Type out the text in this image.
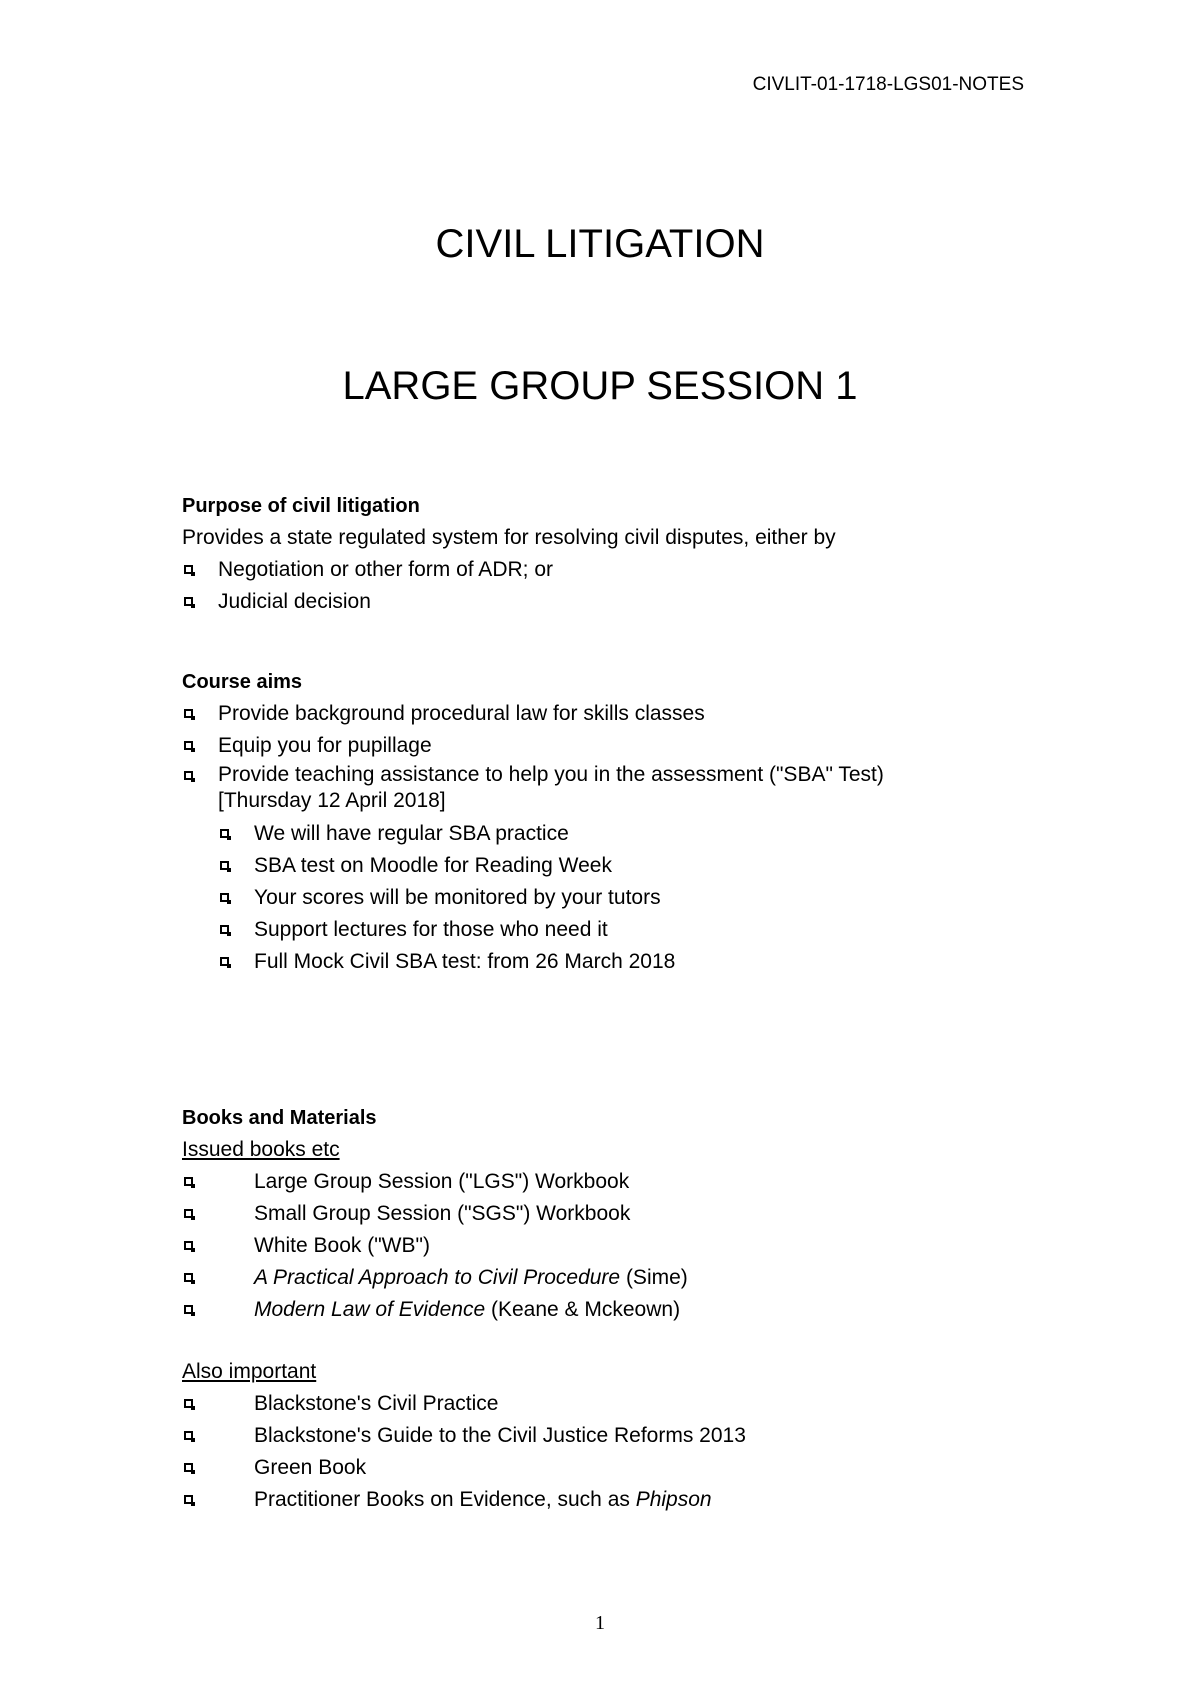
CIVLIT-01-1718-LGS01-NOTES
CIVIL LITIGATION
LARGE GROUP SESSION 1
Purpose of civil litigation
Provides a state regulated system for resolving civil disputes, either by
Negotiation or other form of ADR; or
Judicial decision
Course aims
Provide background procedural law for skills classes
Equip you for pupillage
Provide teaching assistance to help you in the assessment ("SBA" Test)
[Thursday 12 April 2018]
We will have regular SBA practice
SBA test on Moodle for Reading Week
Your scores will be monitored by your tutors
Support lectures for those who need it
Full Mock Civil SBA test: from 26 March 2018
Books and Materials
Issued books etc
Large Group Session ("LGS") Workbook
Small Group Session ("SGS") Workbook
White Book ("WB")
A Practical Approach to Civil Procedure (Sime)
Modern Law of Evidence (Keane & Mckeown)
Also important
Blackstone's Civil Practice
Blackstone's Guide to the Civil Justice Reforms 2013
Green Book
Practitioner Books on Evidence, such as Phipson
1
